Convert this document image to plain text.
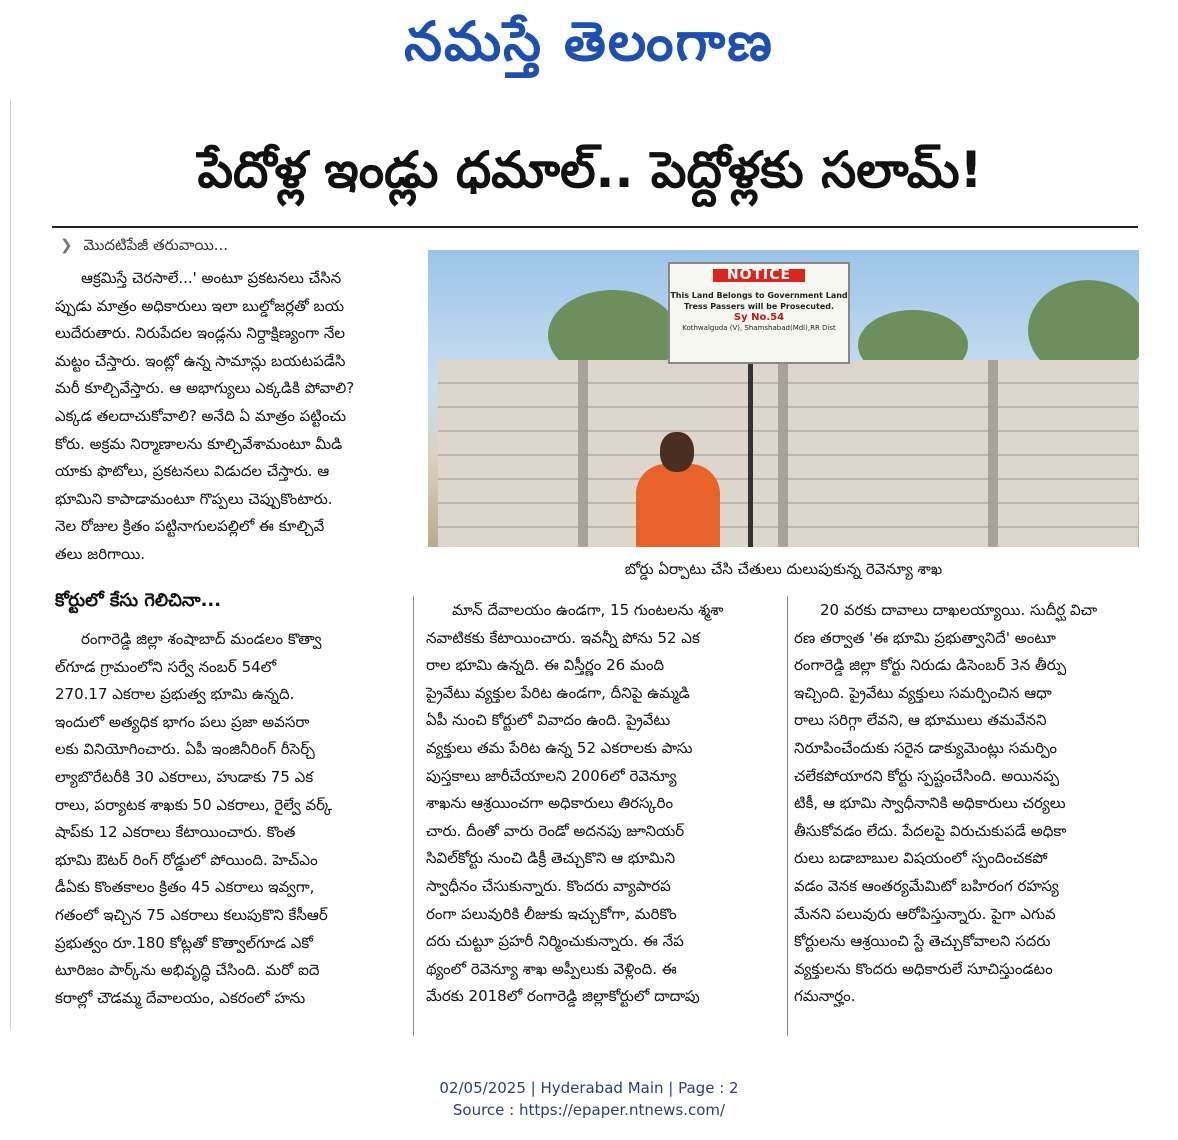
నమస్తే తెలంగాణ
పేదోళ్ల ఇండ్లు ధమాల్.. పెద్దోళ్లకు సలామ్!
❯ మొదటిపేజీ తరువాయి...
ఆక్రమిస్తే చెరసాలే...' అంటూ ప్రకటనలు చేసిన
ప్పుడు మాత్రం అధికారులు ఇలా బుల్డోజర్లతో బయ
లుదేరుతారు. నిరుపేదల ఇండ్లను నిర్దాక్షిణ్యంగా నేల
మట్టం చేస్తారు. ఇంట్లో ఉన్న సామాన్లు బయటపడేసి
మరీ కూల్చివేస్తారు. ఆ అభాగ్యులు ఎక్కడికి పోవాలి?
ఎక్కడ తలదాచుకోవాలి? అనేది ఏ మాత్రం పట్టించు
కోరు. అక్రమ నిర్మాణాలను కూల్చివేశామంటూ మీడి
యాకు ఫొటోలు, ప్రకటనలు విడుదల చేస్తారు. ఆ
భూమిని కాపాడామంటూ గొప్పలు చెప్పుకొంటారు.
నెల రోజుల క్రితం పట్టినాగులపల్లిలో ఈ కూల్చివే
తలు జరిగాయి.
కోర్టులో కేసు గెలిచినా...
రంగారెడ్డి జిల్లా శంషాబాద్ మండలం కొత్వా
ల్‌గూడ గ్రామంలోని సర్వే నంబర్ 54లో
270.17 ఎకరాల ప్రభుత్వ భూమి ఉన్నది.
ఇందులో అత్యధిక భాగం పలు ప్రజా అవసరా
లకు వినియోగించారు. ఏపీ ఇంజినీరింగ్ రీసెర్చ్
ల్యాబొరేటరీకి 30 ఎకరాలు, హుడాకు 75 ఎక
రాలు, పర్యాటక శాఖకు 50 ఎకరాలు, రైల్వే వర్క్
షాప్‌కు 12 ఎకరాలు కేటాయించారు. కొంత
భూమి ఔటర్ రింగ్ రోడ్డులో పోయింది. హెచ్‌ఎం
డీఏకు కొంతకాలం క్రితం 45 ఎకరాలు ఇవ్వగా,
గతంలో ఇచ్చిన 75 ఎకరాలు కలుపుకొని కేసీఆర్
ప్రభుత్వం రూ.180 కోట్లతో కొత్వాల్‌గూడ ఎకో
టూరిజం పార్క్‌ను అభివృద్ధి చేసింది. మరో ఐదె
కరాల్లో చౌడమ్మ దేవాలయం, ఎకరంలో హను
మాన్ దేవాలయం ఉండగా, 15 గుంటలను శ్మశా
నవాటికకు కేటాయించారు. ఇవన్నీ పోను 52 ఎక
రాల భూమి ఉన్నది. ఈ విస్తీర్ణం 26 మంది
ప్రైవేటు వ్యక్తుల పేరిట ఉండగా, దీనిపై ఉమ్మడి
ఏపీ నుంచి కోర్టులో వివాదం ఉంది. ప్రైవేటు
వ్యక్తులు తమ పేరిట ఉన్న 52 ఎకరాలకు పాసు
పుస్తకాలు జారీచేయాలని 2006లో రెవెన్యూ
శాఖను ఆశ్రయించగా అధికారులు తిరస్కరిం
చారు. దీంతో వారు రెండో అదనపు జూనియర్
సివిల్‌కోర్టు నుంచి డిక్రీ తెచ్చుకొని ఆ భూమిని
స్వాధీనం చేసుకున్నారు. కొందరు వ్యాపారప
రంగా పలువురికి లీజుకు ఇచ్చుకోగా, మరికొం
దరు చుట్టూ ప్రహరీ నిర్మించుకున్నారు. ఈ నేప
థ్యంలో రెవెన్యూ శాఖ అప్పీలుకు వెళ్లింది. ఈ
మేరకు 2018లో రంగారెడ్డి జిల్లాకోర్టులో దాదాపు
20 వరకు దావాలు దాఖలయ్యాయి. సుదీర్ఘ విచా
రణ తర్వాత 'ఈ భూమి ప్రభుత్వానిదే' అంటూ
రంగారెడ్డి జిల్లా కోర్టు నిరుడు డిసెంబర్ 3న తీర్పు
ఇచ్చింది. ప్రైవేటు వ్యక్తులు సమర్పించిన ఆధా
రాలు సరిగ్గా లేవని, ఆ భూములు తమవేనని
నిరూపించేందుకు సరైన డాక్యుమెంట్లు సమర్పిం
చలేకపోయారని కోర్టు స్పష్టంచేసింది. అయినప్ప
టికీ, ఆ భూమి స్వాధీనానికి అధికారులు చర్యలు
తీసుకోవడం లేదు. పేదలపై విరుచుకుపడే అధికా
రులు బడాబాబుల విషయంలో స్పందించకపో
వడం వెనక ఆంతర్యమేమిటో బహిరంగ రహస్య
మేనని పలువురు ఆరోపిస్తున్నారు. పైగా ఎగువ
కోర్టులను ఆశ్రయించి స్టే తెచ్చుకోవాలని సదరు
వ్యక్తులను కొందరు అధికారులే సూచిస్తుండటం
గమనార్హం.
NOTICE
This Land Belongs to Government Land
Tress Passers will be Prosecuted.
Sy No.54
Kothwalguda (V), Shamshabad(Mdl),RR Dist
బోర్డు ఏర్పాటు చేసి చేతులు దులుపుకున్న రెవెన్యూ శాఖ
02/05/2025 | Hyderabad Main | Page : 2
Source : https://epaper.ntnews.com/
